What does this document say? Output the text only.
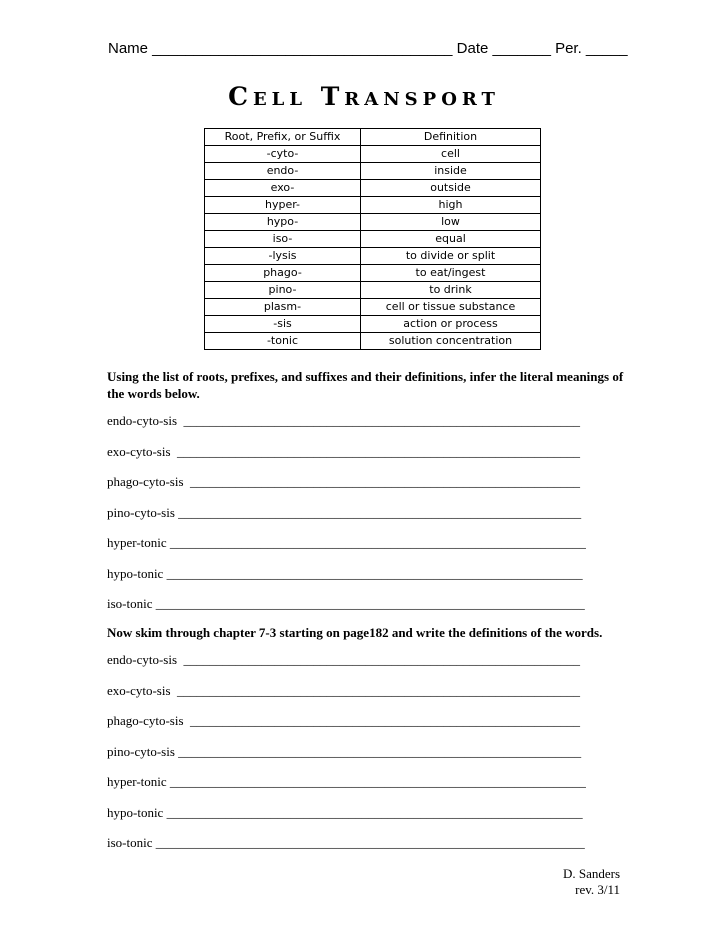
Name ____________________________________ Date _______ Per. _____
Cell Transport
Root, Prefix, or Suffix	Definition
-cyto-	cell
endo-	inside
exo-	outside
hyper-	high
hypo-	low
iso-	equal
-lysis	to divide or split
phago-	to eat/ingest
pino-	to drink
plasm-	cell or tissue substance
-sis	action or process
-tonic	solution concentration
Using the list of roots, prefixes, and suffixes and their definitions, infer the literal meanings of the words below.
endo-cyto-sis  _____________________________________________________________
exo-cyto-sis  ______________________________________________________________
phago-cyto-sis  ____________________________________________________________
pino-cyto-sis ______________________________________________________________
hyper-tonic ________________________________________________________________
hypo-tonic ________________________________________________________________
iso-tonic __________________________________________________________________
Now skim through chapter 7-3 starting on page182 and write the definitions of the words.
endo-cyto-sis  _____________________________________________________________
exo-cyto-sis  ______________________________________________________________
phago-cyto-sis  ____________________________________________________________
pino-cyto-sis ______________________________________________________________
hyper-tonic ________________________________________________________________
hypo-tonic ________________________________________________________________
iso-tonic __________________________________________________________________
D. Sanders
rev. 3/11
